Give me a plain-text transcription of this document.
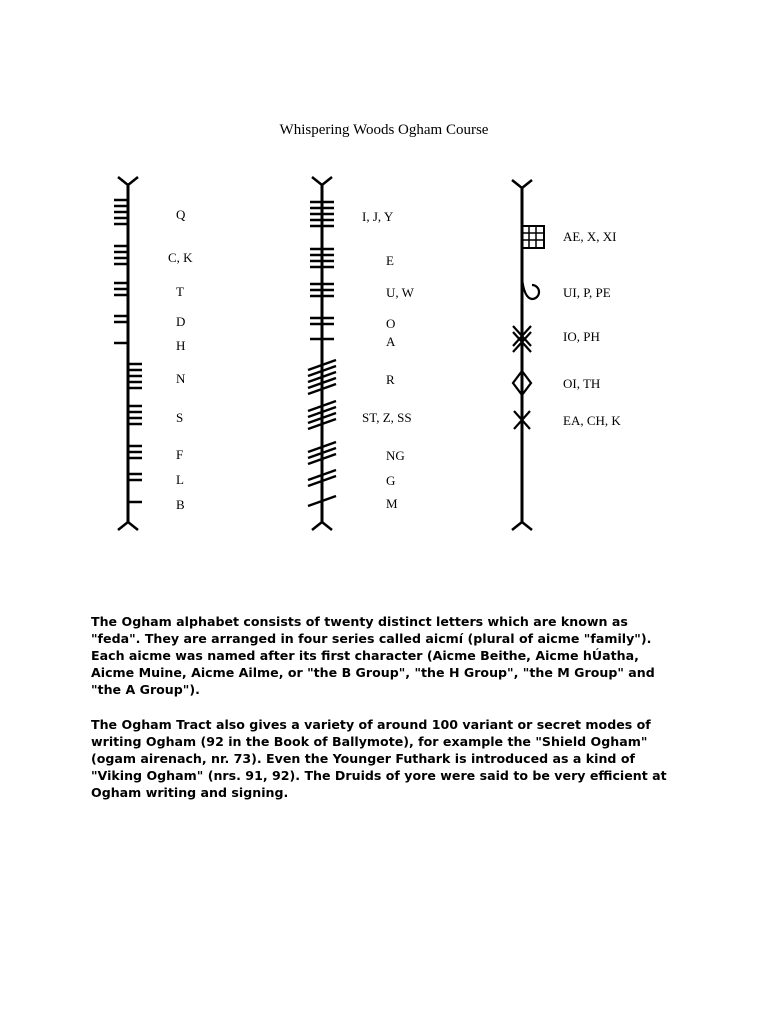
Whispering Woods Ogham Course
Q
C, K
T
D
H
N
S
F
L
B
I, J, Y
E
U, W
O
A
R
ST, Z, SS
NG
G
M
AE, X, XI
UI, P, PE
IO, PH
OI, TH
EA, CH, K

The Ogham alphabet consists of twenty distinct letters which are known as "feda". They are arranged in four series called aicmí (plural of aicme "family"). Each aicme was named after its first character (Aicme Beithe, Aicme hÚatha, Aicme Muine, Aicme Ailme, or "the B Group", "the H Group", "the M Group" and "the A Group").

The Ogham Tract also gives a variety of around 100 variant or secret modes of writing Ogham (92 in the Book of Ballymote), for example the "Shield Ogham" (ogam airenach, nr. 73). Even the Younger Futhark is introduced as a kind of "Viking Ogham" (nrs. 91, 92). The Druids of yore were said to be very efficient at Ogham writing and signing.
